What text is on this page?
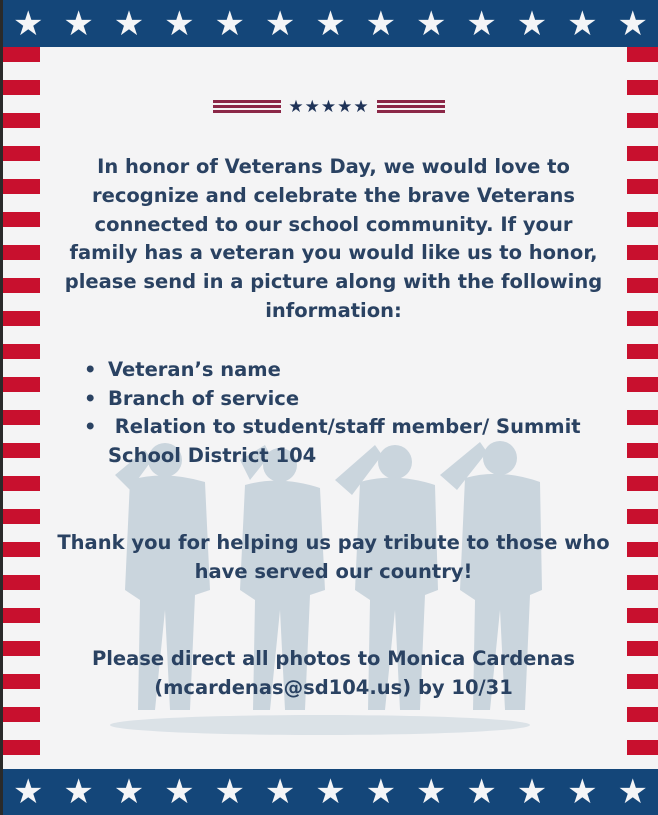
★ ★ ★ ★ ★ ★ ★ ★ ★ ★ ★ ★ ★
★ ★ ★ ★ ★ ★ ★ ★ ★ ★ ★ ★ ★
★★★★★
In honor of Veterans Day, we would love to
recognize and celebrate the brave Veterans
connected to our school community. If your
family has a veteran you would like us to honor,
please send in a picture along with the following
information:
• Veteran’s name
• Branch of service
•  Relation to student/staff member/ Summit
School District 104
Thank you for helping us pay tribute to those who
have served our country!
Please direct all photos to Monica Cardenas
(mcardenas@sd104.us) by 10/31
